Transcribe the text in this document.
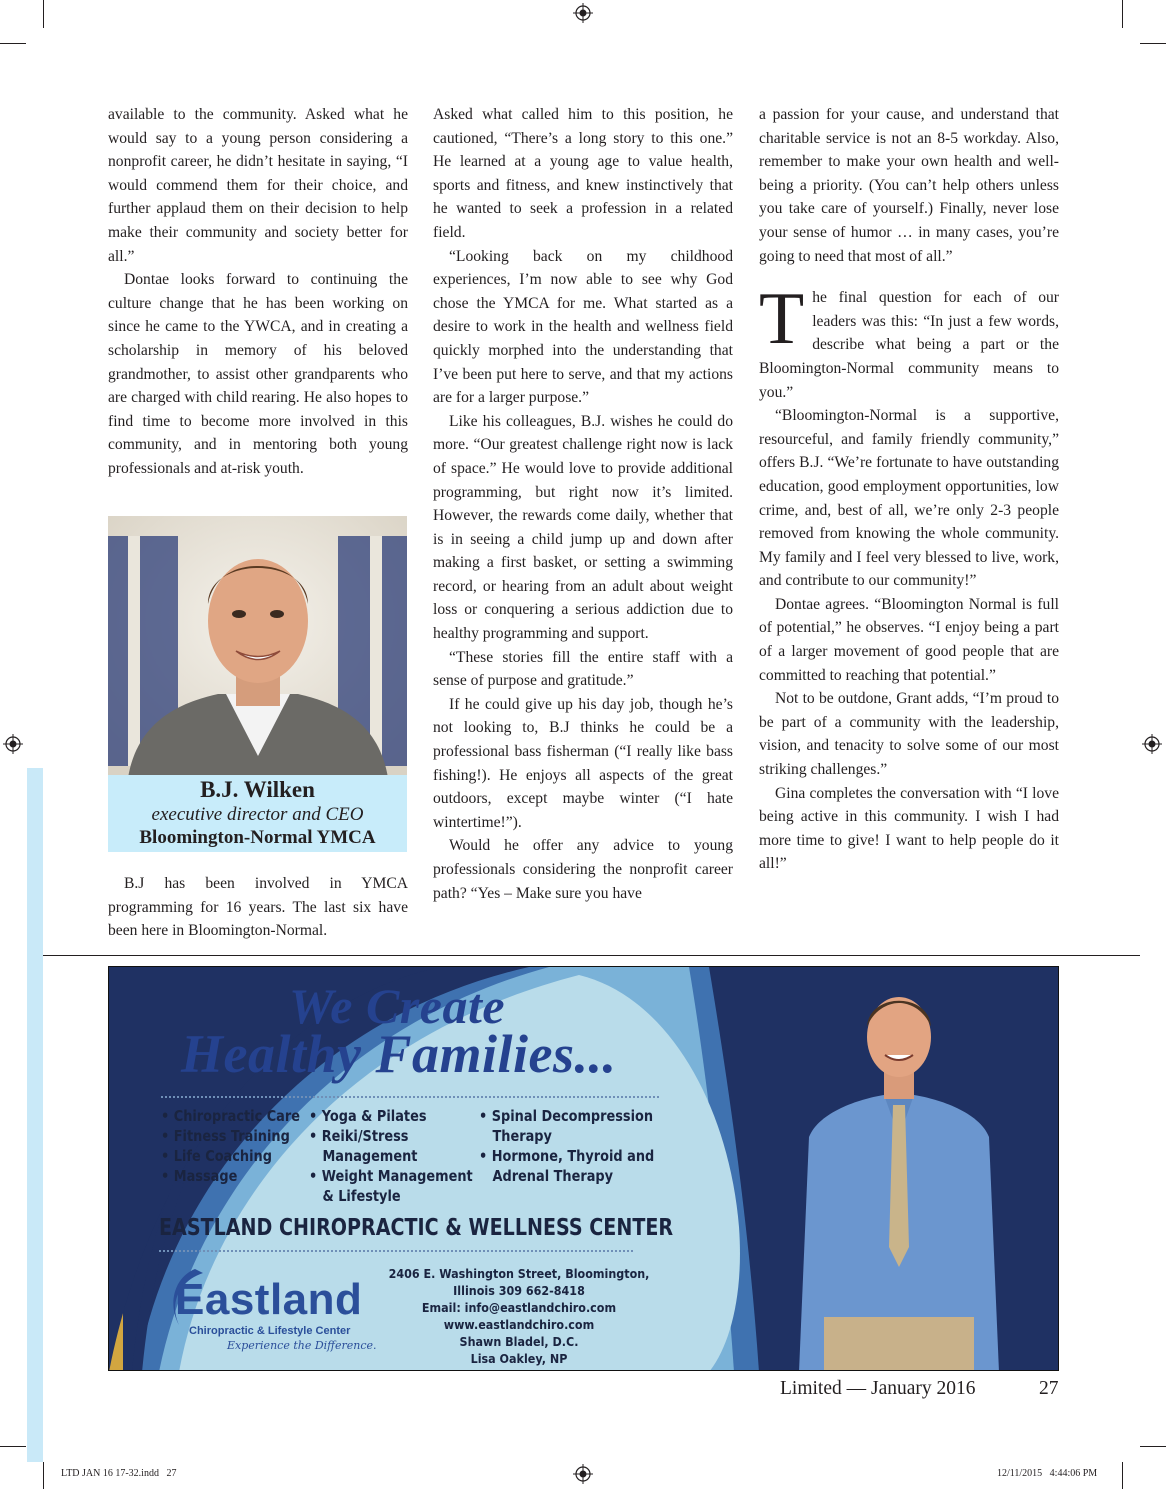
available to the community. Asked what he would say to a young person considering a nonprofit career, he didn’t hesitate in saying, “I would commend them for their choice, and further applaud them on their decision to help make their community and society better for all.”

Dontae looks forward to continuing the culture change that he has been working on since he came to the YWCA, and in creating a scholarship in memory of his beloved grandmother, to assist other grandparents who are charged with child rearing. He also hopes to find time to become more involved in this community, and in mentoring both young professionals and at-risk youth.

B.J. Wilken
executive director and CEO
Bloomington-Normal YMCA

B.J has been involved in YMCA programming for 16 years. The last six have been here in Bloomington-Normal.

Asked what called him to this position, he cautioned, “There’s a long story to this one.” He learned at a young age to value health, sports and fitness, and knew instinctively that he wanted to seek a profession in a related field.

“Looking back on my childhood experiences, I’m now able to see why God chose the YMCA for me. What started as a desire to work in the health and wellness field quickly morphed into the understanding that I’ve been put here to serve, and that my actions are for a larger purpose.”

Like his colleagues, B.J. wishes he could do more. “Our greatest challenge right now is lack of space.” He would love to provide additional programming, but right now it’s limited. However, the rewards come daily, whether that is in seeing a child jump up and down after making a first basket, or setting a swimming record, or hearing from an adult about weight loss or conquering a serious addiction due to healthy programming and support.

“These stories fill the entire staff with a sense of purpose and gratitude.”

If he could give up his day job, though he’s not looking to, B.J thinks he could be a professional bass fisherman (“I really like bass fishing!). He enjoys all aspects of the great outdoors, except maybe winter (“I hate wintertime!”).

Would he offer any advice to young professionals considering the nonprofit career path? “Yes – Make sure you have

a passion for your cause, and understand that charitable service is not an 8-5 workday. Also, remember to make your own health and well-being a priority. (You can’t help others unless you take care of yourself.) Finally, never lose your sense of humor … in many cases, you’re going to need that most of all.”

The final question for each of our leaders was this: “In just a few words, describe what being a part or the Bloomington-Normal community means to you.”

“Bloomington-Normal is a supportive, resourceful, and family friendly community,” offers B.J. “We’re fortunate to have outstanding education, good employment opportunities, low crime, and, best of all, we’re only 2-3 people removed from knowing the whole community. My family and I feel very blessed to live, work, and contribute to our community!”

Dontae agrees. “Bloomington Normal is full of potential,” he observes. “I enjoy being a part of a larger movement of good people that are committed to reaching that potential.”

Not to be outdone, Grant adds, “I’m proud to be part of a community with the leadership, vision, and tenacity to solve some of our most striking challenges.”

Gina completes the conversation with “I love being active in this community. I wish I had more time to give! I want to help people do it all!”

We Create
Healthy Families...
• Chiropractic Care
• Fitness Training
• Life Coaching
• Massage
• Yoga & Pilates
• Reiki/Stress
Management
• Weight Management
& Lifestyle
• Spinal Decompression
Therapy
• Hormone, Thyroid and
Adrenal Therapy
EASTLAND CHIROPRACTIC & WELLNESS CENTER
Eastland
Chiropractic & Lifestyle Center
Experience the Difference.
2406 E. Washington Street, Bloomington,
Illinois 309 662-8418
Email: info@eastlandchiro.com
www.eastlandchiro.com
Shawn Bladel, D.C.
Lisa Oakley, NP
Limited — January 2016	27
LTD JAN 16 17-32.indd   27	12/11/2015   4:44:06 PM
